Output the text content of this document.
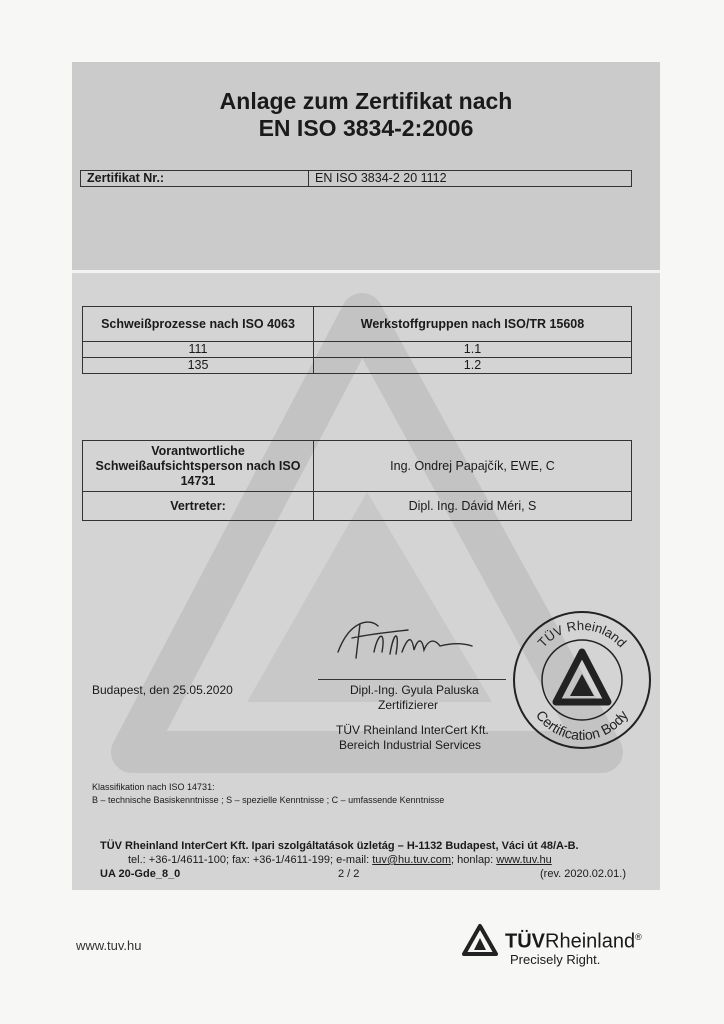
Anlage zum Zertifikat nach
EN ISO 3834-2:2006
Zertifikat Nr.:	EN ISO 3834-2 20 1112
Schweißprozesse nach ISO 4063	Werkstoffgruppen nach ISO/TR 15608
111	1.1
135	1.2
Vorantwortliche Schweißaufsichtsperson nach ISO 14731	Ing. Ondrej Papajčík, EWE, C
Vertreter:	Dipl. Ing. Dávid Méri, S
Budapest, den 25.05.2020	Dipl.-Ing. Gyula Paluska
Zertifizierer
TÜV Rheinland InterCert Kft.
Bereich Industrial Services
TÜV Rheinland
Certification Body
Klassifikation nach ISO 14731:
B – technische Basiskenntnisse ; S – spezielle Kenntnisse ; C – umfassende Kenntnisse
TÜV Rheinland InterCert Kft. Ipari szolgáltatások üzletág – H-1132 Budapest, Váci út 48/A-B.
tel.: +36-1/4611-100; fax: +36-1/4611-199; e-mail: tuv@hu.tuv.com; honlap: www.tuv.hu
UA 20-Gde_8_0	2 / 2	(rev. 2020.02.01.)
www.tuv.hu	TÜVRheinland®
Precisely Right.
